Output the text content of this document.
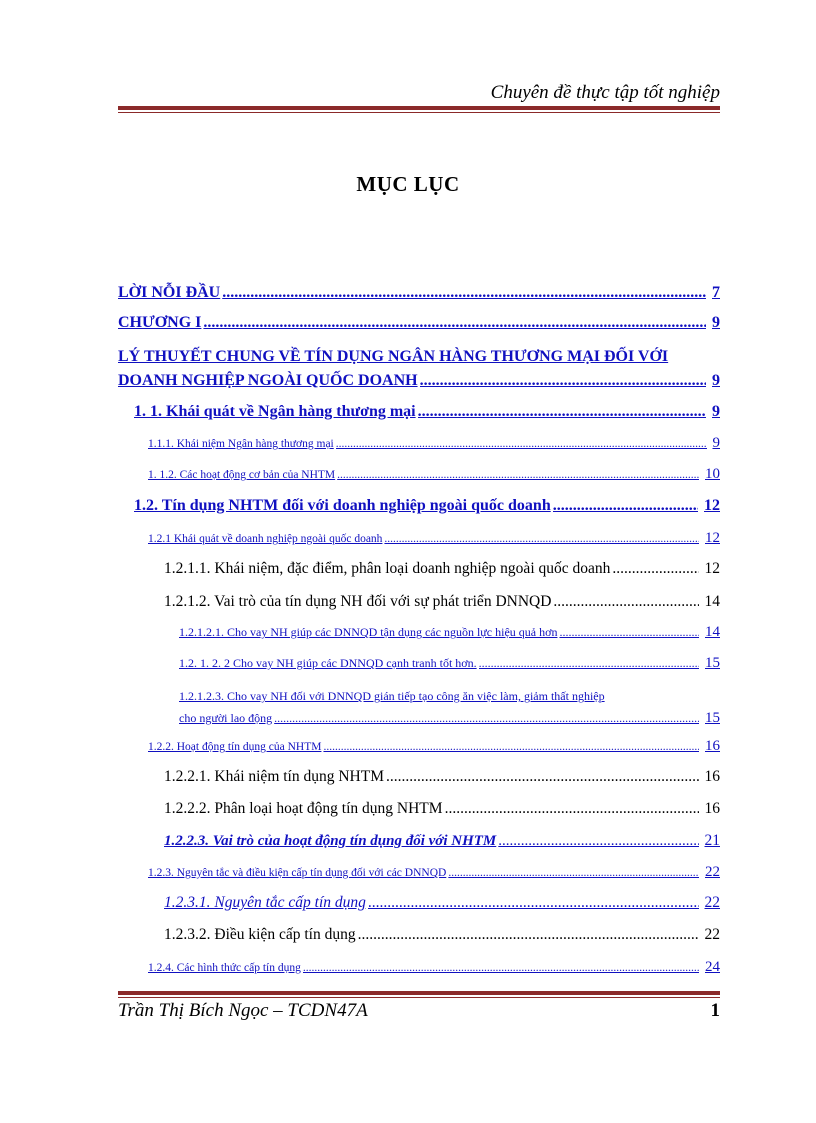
Chuyên đề thực tập tốt nghiệp
MỤC LỤC
LỜI NỖI ĐẦU .....	7
CHƯƠNG I .....	9
LÝ THUYẾT CHUNG VỀ TÍN DỤNG NGÂN HÀNG THƯƠNG MẠI ĐỐI VỚI
DOANH NGHIỆP NGOÀI QUỐC DOANH .....	9
1. 1. Khái quát về Ngân hàng thương mại .....	9
1.1.1. Khái niệm Ngân hàng thương mại .....	9
1. 1.2. Các hoạt động cơ bản của NHTM .....	10
1.2. Tín dụng NHTM đối với doanh nghiệp ngoài quốc doanh .....	12
1.2.1 Khái quát về doanh nghiệp ngoài quốc doanh .....	12
1.2.1.1. Khái niệm, đặc điểm, phân loại doanh nghiệp ngoài quốc doanh .....	12
1.2.1.2. Vai trò của tín dụng NH đối với sự phát triển DNNQD .....	14
1.2.1.2.1. Cho vay NH giúp các DNNQD tận dụng các nguồn lực hiệu quả hơn .....	14
1.2. 1. 2. 2 Cho vay NH giúp các DNNQD cạnh tranh tốt hơn. .....	15
1.2.1.2.3. Cho vay NH đối với DNNQD gián tiếp tạo công ăn việc làm, giảm thất nghiệp
cho người lao động .....	15
1.2.2. Hoạt động tín dụng của NHTM .....	16
1.2.2.1. Khái niệm tín dụng NHTM .....	16
1.2.2.2. Phân loại hoạt động tín dụng NHTM .....	16
1.2.2.3. Vai trò của hoạt động tín dụng đối với NHTM .....	21
1.2.3. Nguyên tắc và điều kiện cấp tín dụng đối với các DNNQD .....	22
1.2.3.1. Nguyên tắc cấp tín dụng .....	22
1.2.3.2. Điều kiện cấp tín dụng .....	22
1.2.4. Các hình thức cấp tín dụng .....	24
Trần Thị Bích Ngọc – TCDN47A	1
